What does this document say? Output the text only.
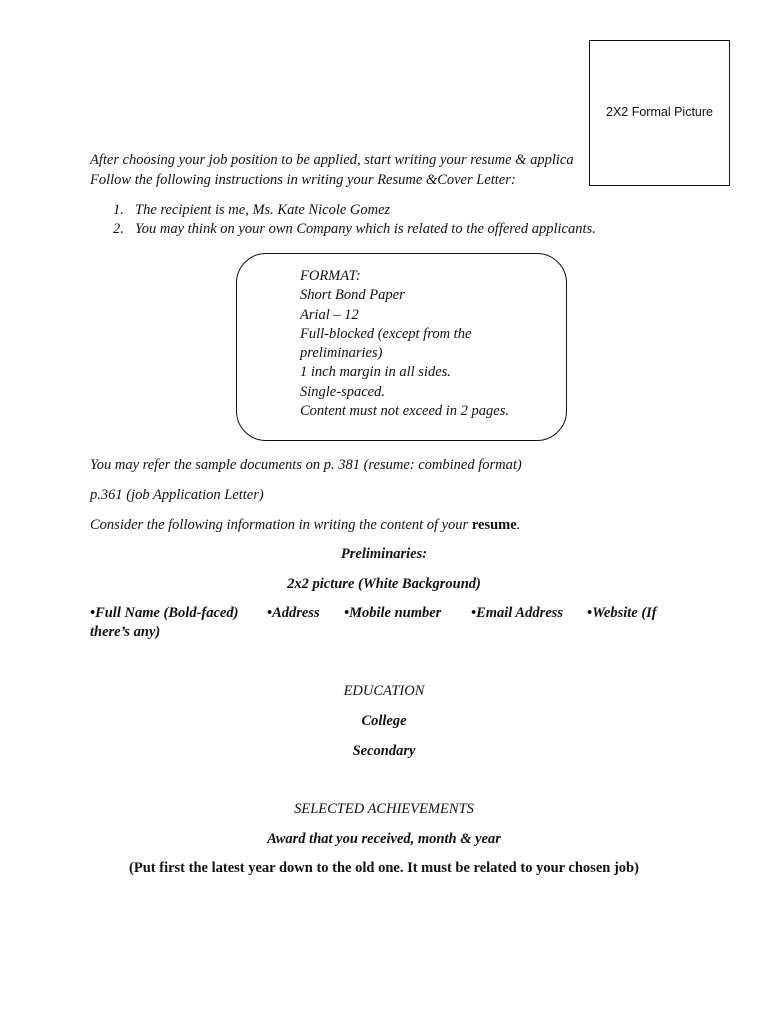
2X2 Formal Picture
After choosing your job position to be applied, start writing your resume & applica
Follow the following instructions in writing your Resume &Cover Letter:
1. The recipient is me, Ms. Kate Nicole Gomez
2. You may think on your own Company which is related to the offered applicants.
FORMAT:
Short Bond Paper
Arial – 12
Full-blocked (except from the
preliminaries)
1 inch margin in all sides.
Single-spaced.
Content must not exceed in 2 pages.
You may refer the sample documents on p. 381 (resume: combined format)
p.361 (job Application Letter)
Consider the following information in writing the content of your resume.
Preliminaries:
2x2 picture (White Background)
•Full Name (Bold-faced) •Address •Mobile number •Email Address •Website (If
there’s any)
EDUCATION
College
Secondary
SELECTED ACHIEVEMENTS
Award that you received, month & year
(Put first the latest year down to the old one. It must be related to your chosen job)
